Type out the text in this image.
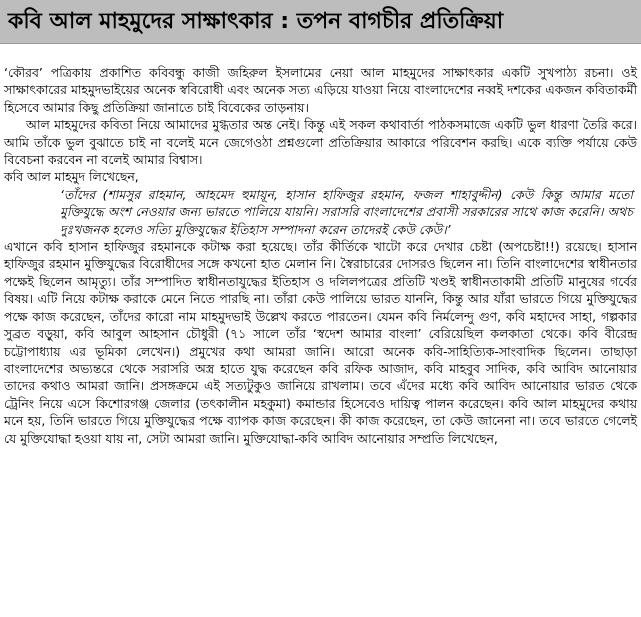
কবি আল মাহমুদের সাক্ষাৎকার : তপন বাগচীর প্রতিক্রিয়া

‘কৌরব’ পত্রিকায় প্রকাশিত কবিবন্ধু কাজী জহিরুল ইসলামের নেয়া আল মাহমুদের সাক্ষাৎকার একটি সুখপাঠ্য রচনা। ওই সাক্ষাৎকারের মাহমুদভাইয়ের অনেক স্ববিরোধী এবং অনেক সত্য এড়িয়ে যাওয়া নিয়ে বাংলাদেশের নব্বই দশকের একজন কবিতাকর্মী হিসেবে আমার কিছু প্রতিক্রিয়া জানাতে চাই বিবেকের তাড়নায়।

আল মাহমুদের কবিতা নিয়ে আমাদের মুগ্ধতার অন্ত নেই। কিন্তু এই সকল কথাবার্তা পাঠকসমাজে একটি ভুল ধারণা তৈরি করে। আমি তাঁকে ভুল বুঝাতে চাই না বলেই মনে জেগেওঠা প্রশ্নগুলো প্রতিক্রিয়ার আকারে পরিবেশন করছি। একে ব্যক্তি পর্যায়ে কেউ বিবেচনা করবেন না বলেই আমার বিশ্বাস।

কবি আল মাহমুদ লিখেছেন,

‘তাঁদের (শামসুর রাহমান, আহমেদ হুমায়ূন, হাসান হাফিজুর রহমান, ফজল শাহাবুদ্দীন) কেউ কিন্তু আমার মতো মুক্তিযুদ্ধে অংশ নেওয়ার জন্য ভারতে পালিয়ে যায়নি। সরাসরি বাংলাদেশের প্রবাসী সরকারের সাথে কাজ করেনি। অথচ দুঃখজনক হলেও সত্যি মুক্তিযুদ্ধের ইতিহাস সম্পাদনা করেন তাদেরই কেউ কেউ।’

এখানে কবি হাসান হাফিজুর রহমানকে কটাক্ষ করা হয়েছে। তাঁর কীর্তিকে খাটো করে দেখার চেষ্টা (অপচেষ্টা!!) রয়েছে। হাসান হাফিজুর রহমান মুক্তিযুদ্ধের বিরোধীদের সঙ্গে কখনো হাত মেলান নি। স্বৈরাচারের দোসরও ছিলেন না। তিনি বাংলাদেশের স্বাধীনতার পক্ষেই ছিলেন আমৃত্যু। তাঁর সম্পাদিত স্বাধীনতাযুদ্ধের ইতিহাস ও দলিলপত্রের প্রতিটি খণ্ডই স্বাধীনতাকামী প্রতিটি মানুষের গর্বের বিষয়। এটি নিয়ে কটাক্ষ করাকে মেনে নিতে পারছি না। তাঁরা কেউ পালিয়ে ভারত যাননি, কিন্তু আর যাঁরা ভারতে গিয়ে মুক্তিযুদ্ধের পক্ষে কাজ করেছেন, তাঁদের কারো নাম মাহমুদভাই উল্লেখ করতে পারতেন। যেমন কবি নির্মলেন্দু গুণ, কবি মহাদেব সাহা, গল্পকার সুব্রত বড়ুয়া, কবি আবুল আহসান চৌধুরী (৭১ সালে তাঁর ‘স্বদেশ আমার বাংলা’ বেরিয়েছিল কলকাতা থেকে। কবি বীরেন্দ্র চট্টোপাধ্যায় এর ভূমিকা লেখেন।) প্রমুখের কথা আমরা জানি। আরো অনেক কবি-সাহিত্যিক-সাংবাদিক ছিলেন। তাছাড়া বাংলাদেশের অভ্যন্তরে থেকে সরাসরি অস্ত্র হাতে যুদ্ধ করেছেন কবি রফিক আজাদ, কবি মাহবুব সাদিক, কবি আবিদ আনোয়ার তাদের কথাও আমরা জানি। প্রসঙ্গক্রমে এই সত্যটুকুও জানিয়ে রাখলাম। তবে এঁদের মধ্যে কবি আবিদ আনোয়ার ভারত থেকে ট্রেনিং নিয়ে এসে কিশোরগঞ্জ জেলার (তৎকালীন মহকুমা) কমান্ডার হিসেবেও দায়িত্ব পালন করেছেন। কবি আল মাহমুদের কথায় মনে হয়, তিনি ভারতে গিয়ে মুক্তিযুদ্ধের পক্ষে ব্যাপক কাজ করেছেন। কী কাজ করেছেন, তা কেউ জানেনা না। তবে ভারতে গেলেই যে মুক্তিযোদ্ধা হওয়া যায় না, সেটা আমরা জানি। মুক্তিযোদ্ধা-কবি আবিদ আনোয়ার সম্প্রতি লিখেছেন,
